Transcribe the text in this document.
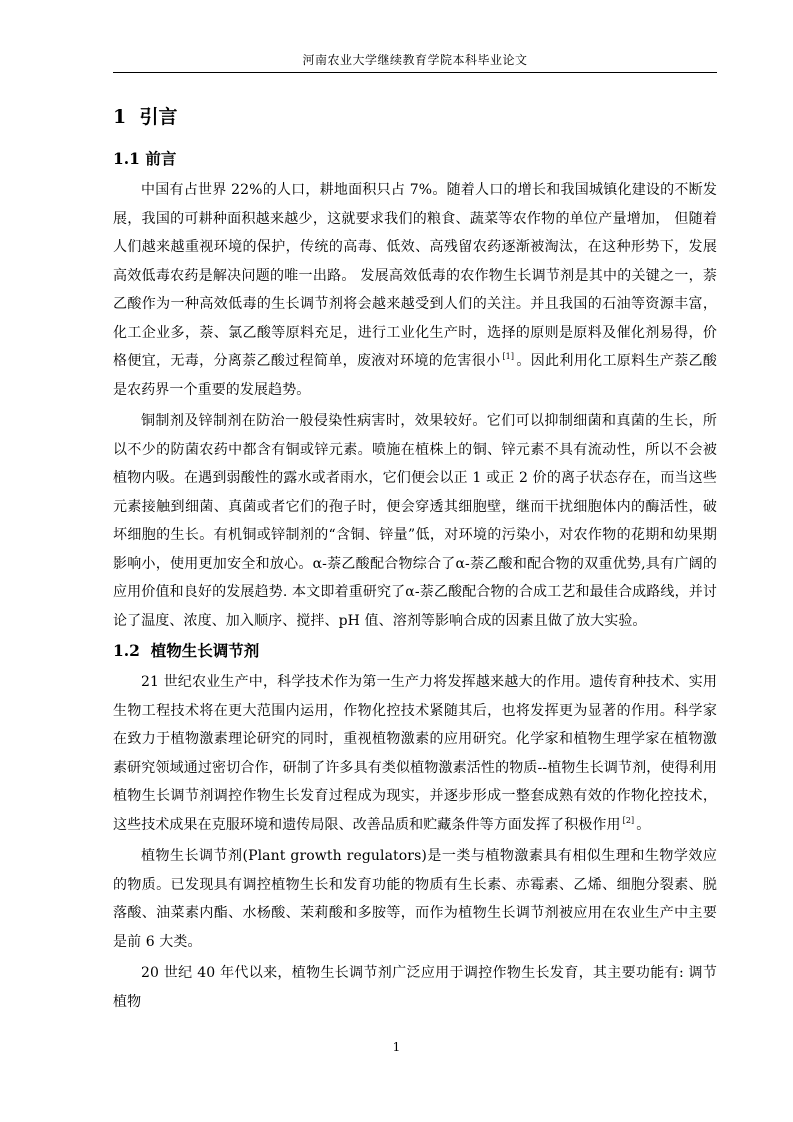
河南农业大学继续教育学院本科毕业论文
1 引言
1.1 前言

中国有占世界 22%的人口，耕地面积只占 7%。随着人口的增长和我国城镇化建设的不断发展，我国的可耕种面积越来越少，这就要求我们的粮食、蔬菜等农作物的单位产量增加， 但随着人们越来越重视环境的保护，传统的高毒、低效、高残留农药逐渐被淘汰，在这种形势下，发展高效低毒农药是解决问题的唯一出路。 发展高效低毒的农作物生长调节剂是其中的关键之一，萘乙酸作为一种高效低毒的生长调节剂将会越来越受到人们的关注。并且我国的石油等资源丰富，化工企业多，萘、氯乙酸等原料充足，进行工业化生产时，选择的原则是原料及催化剂易得，价格便宜，无毒，分离萘乙酸过程简单，废液对环境的危害很小 [1] 。因此利用化工原料生产萘乙酸是农药界一个重要的发展趋势。

铜制剂及锌制剂在防治一般侵染性病害时，效果较好。它们可以抑制细菌和真菌的生长，所以不少的防菌农药中都含有铜或锌元素。喷施在植株上的铜、锌元素不具有流动性，所以不会被植物内吸。在遇到弱酸性的露水或者雨水，它们便会以正 1 或正 2 价的离子状态存在，而当这些元素接触到细菌、真菌或者它们的孢子时，便会穿透其细胞壁，继而干扰细胞体内的酶活性，破坏细胞的生长。有机铜或锌制剂的“含铜、锌量”低，对环境的污染小，对农作物的花期和幼果期影响小，使用更加安全和放心。α-萘乙酸配合物综合了α-萘乙酸和配合物的双重优势,具有广阔的应用价值和良好的发展趋势. 本文即着重研究了α-萘乙酸配合物的合成工艺和最佳合成路线，并讨论了温度、浓度、加入顺序、搅拌、pH 值、溶剂等影响合成的因素且做了放大实验。

1.2 植物生长调节剂

21 世纪农业生产中，科学技术作为第一生产力将发挥越来越大的作用。遗传育种技术、实用生物工程技术将在更大范围内运用，作物化控技术紧随其后，也将发挥更为显著的作用。科学家在致力于植物激素理论研究的同时，重视植物激素的应用研究。化学家和植物生理学家在植物激素研究领域通过密切合作，研制了许多具有类似植物激素活性的物质--植物生长调节剂，使得利用植物生长调节剂调控作物生长发育过程成为现实，并逐步形成一整套成熟有效的作物化控技术，这些技术成果在克服环境和遗传局限、改善品质和贮藏条件等方面发挥了积极作用 [2] 。

植物生长调节剂(Plant growth regulators)是一类与植物激素具有相似生理和生物学效应的物质。已发现具有调控植物生长和发育功能的物质有生长素、赤霉素、乙烯、细胞分裂素、脱落酸、油菜素内酯、水杨酸、茉莉酸和多胺等，而作为植物生长调节剂被应用在农业生产中主要是前 6 大类。

20 世纪 40 年代以来，植物生长调节剂广泛应用于调控作物生长发育，其主要功能有: 调节植物

1
